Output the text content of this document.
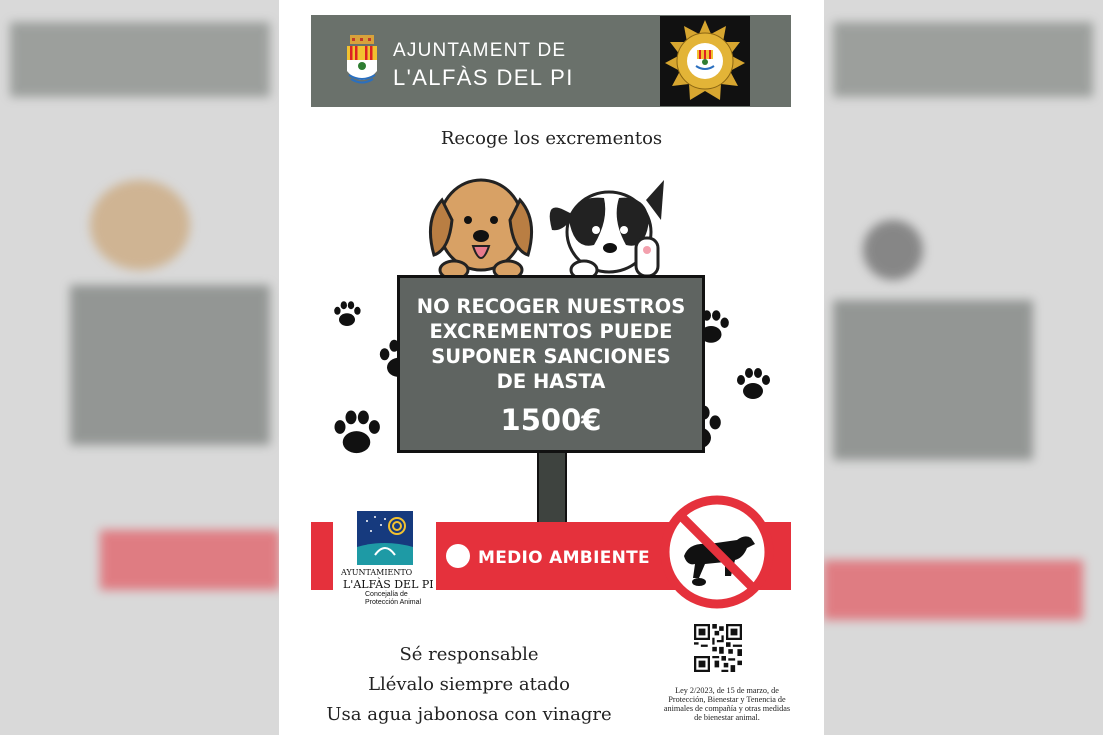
AJUNTAMENT DE
L'ALFÀS DEL PI
Recoge los excrementos
NO RECOGER NUESTROS
EXCREMENTOS PUEDE
SUPONER SANCIONES
DE HASTA
1500€
MEDIO AMBIENTE
AYUNTAMIENTO
L'ALFÀS DEL PI
Concejalía de
Protección Animal
Sé responsable
Llévalo siempre atado
Usa agua jabonosa con vinagre
Ley 2/2023, de 15 de marzo, de Protección, Bienestar y Tenencia de animales de compañía y otras medidas de bienestar animal.
